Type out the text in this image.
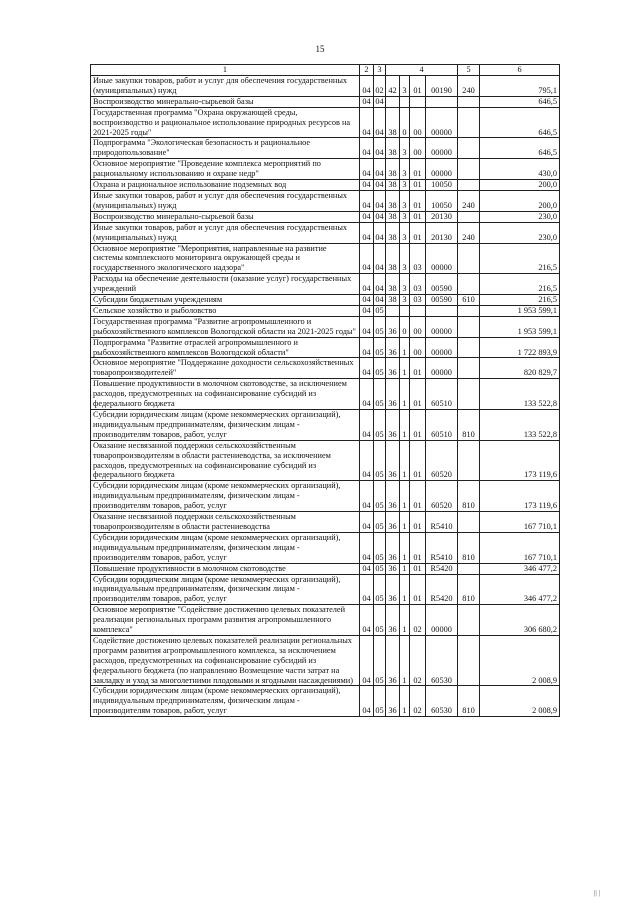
15
1	2	3	4				5	6
Иные закупки товаров, работ и услуг для обеспечения государственных (муниципальных) нужд	04	02	42	3	01	00190	240	795,1
Воспроизводство минерально-сырьевой базы	04	04						646,5
Государственная программа "Охрана окружающей среды, воспроизводство и рациональное использование природных ресурсов на 2021-2025 годы"	04	04	38	0	00	00000		646,5
Подпрограмма "Экологическая безопасность и рациональное природопользование"	04	04	38	3	00	00000		646,5
Основное мероприятие "Проведение комплекса мероприятий по рациональному использованию и охране недр"	04	04	38	3	01	00000		430,0
Охрана и рациональное использование подземных вод	04	04	38	3	01	10050		200,0
Иные закупки товаров, работ и услуг для обеспечения государственных (муниципальных) нужд	04	04	38	3	01	10050	240	200,0
Воспроизводство минерально-сырьевой базы	04	04	38	3	01	20130		230,0
Иные закупки товаров, работ и услуг для обеспечения государственных (муниципальных) нужд	04	04	38	3	01	20130	240	230,0
Основное мероприятие "Мероприятия, направленные на развитие системы комплексного мониторинга окружающей среды и государственного экологического надзора"	04	04	38	3	03	00000		216,5
Расходы на обеспечение деятельности (оказание услуг) государственных учреждений	04	04	38	3	03	00590		216,5
Субсидии бюджетным учреждениям	04	04	38	3	03	00590	610	216,5
Сельское хозяйство и рыболовство	04	05						1 953 599,1
Государственная программа "Развитие агропромышленного и рыбохозяйственного комплексов Вологодской области на 2021-2025 годы"	04	05	36	0	00	00000		1 953 599,1
Подпрограмма "Развитие отраслей агропромышленного и рыбохозяйственного комплексов Вологодской области"	04	05	36	1	00	00000		1 722 893,9
Основное мероприятие "Поддержание доходности сельскохозяйственных товаропроизводителей"	04	05	36	1	01	00000		820 829,7
Повышение продуктивности в молочном скотоводстве, за исключением расходов, предусмотренных на софинансирование субсидий из федерального бюджета	04	05	36	1	01	60510		133 522,8
Субсидии юридическим лицам (кроме некоммерческих организаций), индивидуальным предпринимателям, физическим лицам - производителям товаров, работ, услуг	04	05	36	1	01	60510	810	133 522,8
Оказание несвязанной поддержки сельскохозяйственным товаропроизводителям в области растениеводства, за исключением расходов, предусмотренных на софинансирование субсидий из федерального бюджета	04	05	36	1	01	60520		173 119,6
Субсидии юридическим лицам (кроме некоммерческих организаций), индивидуальным предпринимателям, физическим лицам - производителям товаров, работ, услуг	04	05	36	1	01	60520	810	173 119,6
Оказание несвязанной поддержки сельскохозяйственным товаропроизводителям в области растениеводства	04	05	36	1	01	R5410		167 710,1
Субсидии юридическим лицам (кроме некоммерческих организаций), индивидуальным предпринимателям, физическим лицам - производителям товаров, работ, услуг	04	05	36	1	01	R5410	810	167 710,1
Повышение продуктивности в молочном скотоводстве	04	05	36	1	01	R5420		346 477,2
Субсидии юридическим лицам (кроме некоммерческих организаций), индивидуальным предпринимателям, физическим лицам - производителям товаров, работ, услуг	04	05	36	1	01	R5420	810	346 477,2
Основное мероприятие "Содействие достижению целевых показателей реализации региональных программ развития агропромышленного комплекса"	04	05	36	1	02	00000		306 680,2
Содействие достижению целевых показателей реализации региональных программ развития агропромышленного комплекса, за исключением расходов, предусмотренных на софинансирование субсидий из федерального бюджета (по направлению Возмещение части затрат на закладку и уход за многолетними плодовыми и ягодными насаждениями)	04	05	36	1	02	60530		2 008,9
Субсидии юридическим лицам (кроме некоммерческих организаций), индивидуальным предпринимателям, физическим лицам - производителям товаров, работ, услуг	04	05	36	1	02	60530	810	2 008,9
|| |
